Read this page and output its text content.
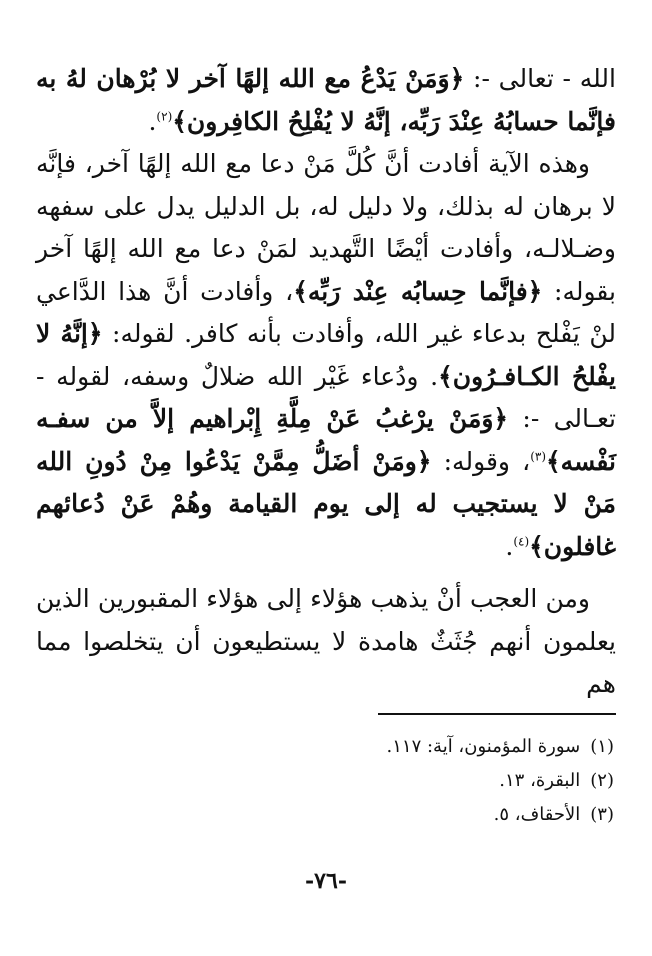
الله - تعالى -: ﴿وَمَنْ يَدْعُ مع الله إلهًا آخر لا بُرْهان لهُ به فإنَّما حسابُهُ عِنْدَ رَبِّه، إنَّهُ لا يُفْلِحُ الكافِرون﴾$^{(٢)}$.

وهذه الآية أفادت أنَّ كُلَّ مَنْ دعا مع الله إلهًا آخر، فإنَّه لا برهان له بذلك، ولا دليل له، بل الدليل يدل على سفهه وضـلالـه، وأفادت أيْضًا التَّهديد لمَنْ دعا مع الله إلهًا آخر بقوله: ﴿فإنَّما حِسابُه عِنْد رَبِّه﴾، وأفادت أنَّ هذا الدَّاعي لنْ يَفْلح بدعاء غير الله، وأفادت بأنه كافر. لقوله: ﴿إنَّهُ لا يفْلحُ الكـافـرُون﴾. ودُعاء غَيْر الله ضلالٌ وسفه، لقوله - تعـالى -: ﴿وَمَنْ يرْغبُ عَنْ مِلَّةِ إِبْراهيم إلاَّ من سفـه نَفْسه﴾$^{(٣)}$، وقوله: ﴿ومَنْ أضَلُّ مِمَّنْ يَدْعُوا مِنْ دُونِ الله مَنْ لا يستجيب له إلى يوم القيامة وهُمْ عَنْ دُعائهم غافلون﴾$^{(٤)}$.

ومن العجب أنْ يذهب هؤلاء إلى هؤلاء المقبورين الذين يعلمون أنهم جُثَثٌ هامدة لا يستطيعون أن يتخلصوا مما هم

(١)سورة المؤمنون، آية: ١١٧.

(٢)البقرة، ١٣.

(٣)الأحقاف، ٥.

-٧٦-
